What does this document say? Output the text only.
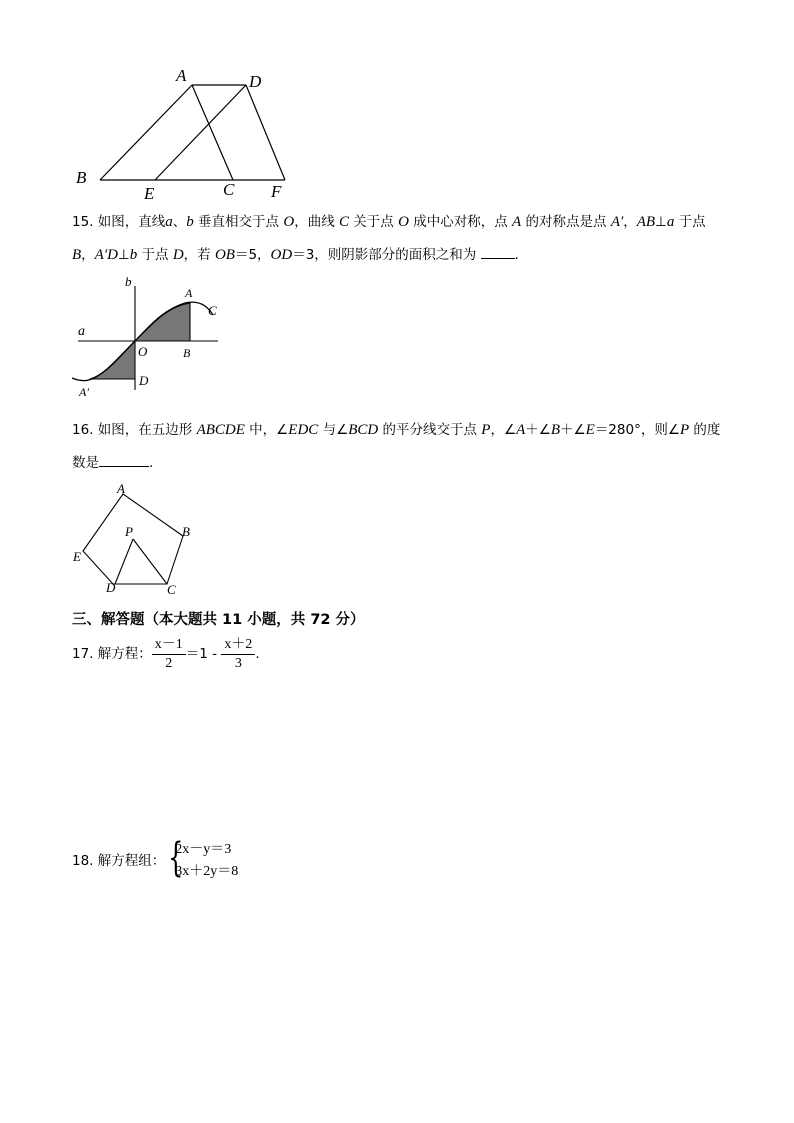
A	D
B
E	C F
15. 如图，直线a、b 垂直相交于点 O，曲线 C 关于点 O 成中心对称，点 A 的对称点是点 A′，AB⊥a 于点
B，A′D⊥b 于点 D，若 OB＝5，OD＝3，则阴影部分的面积之和为	.
b
a
A
C
O	B
D
A′
16. 如图，在五边形 ABCDE 中，∠EDC 与∠BCD 的平分线交于点 P，∠A＋∠B＋∠E＝280°，则∠P 的度
数是	.
A
B
P
E
D	C
三、解答题（本大题共 11 小题，共 72 分）
17. 解方程： $\frac{x-1}{2} =1 - \frac{x+2}{3}$ .
18. 解方程组： {
2x－y＝3
3x＋2y＝8
